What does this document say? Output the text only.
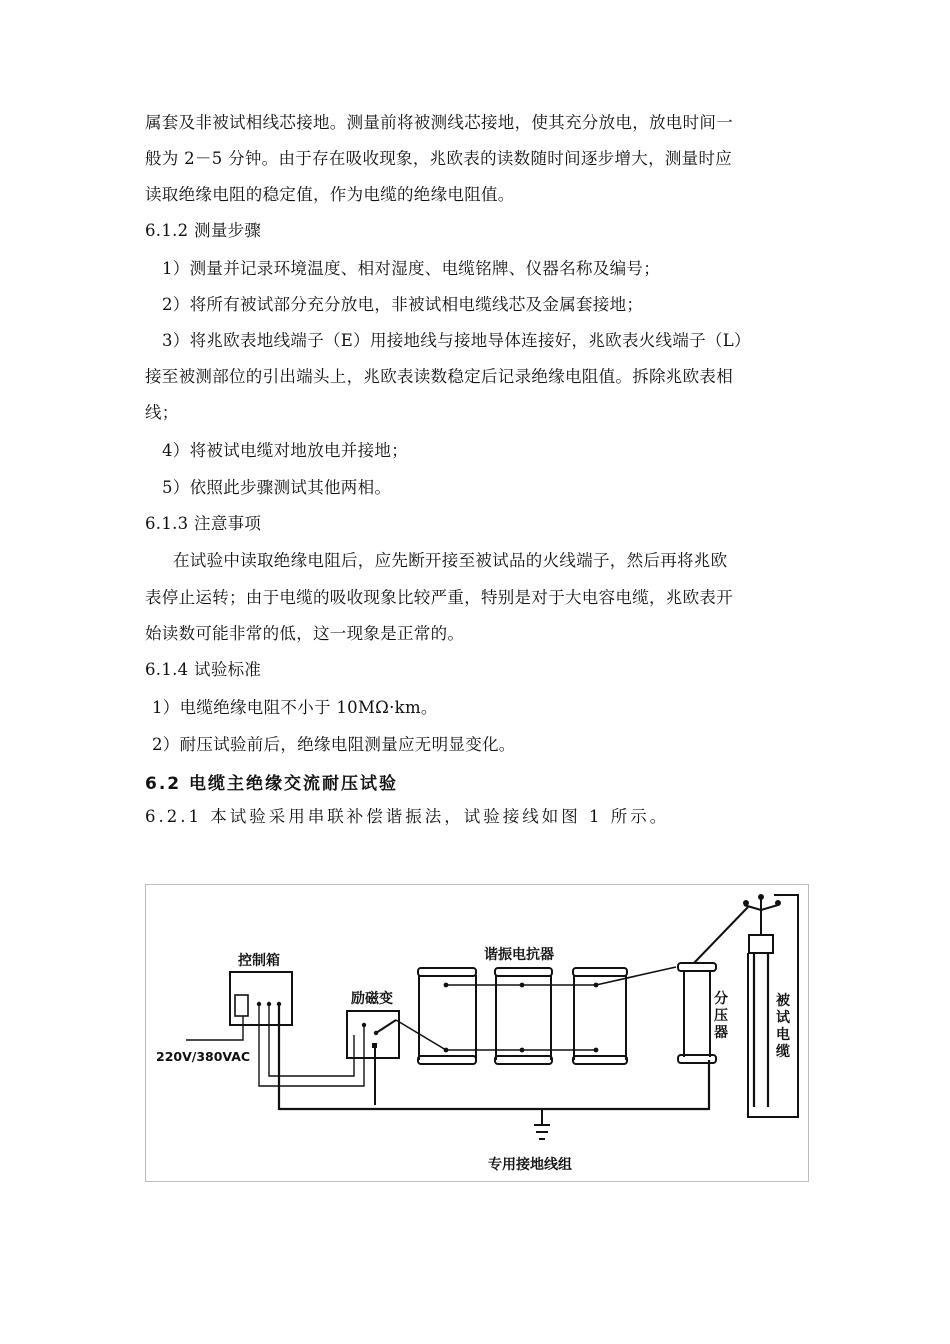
属套及非被试相线芯接地。测量前将被测线芯接地，使其充分放电，放电时间一
般为 2－5 分钟。由于存在吸收现象，兆欧表的读数随时间逐步增大，测量时应
读取绝缘电阻的稳定值，作为电缆的绝缘电阻值。
6.1.2 测量步骤
1）测量并记录环境温度、相对湿度、电缆铭牌、仪器名称及编号；
2）将所有被试部分充分放电，非被试相电缆线芯及金属套接地；
3）将兆欧表地线端子（E）用接地线与接地导体连接好，兆欧表火线端子（L）
接至被测部位的引出端头上，兆欧表读数稳定后记录绝缘电阻值。拆除兆欧表相
线；
4）将被试电缆对地放电并接地；
5）依照此步骤测试其他两相。
6.1.3 注意事项
在试验中读取绝缘电阻后，应先断开接至被试品的火线端子，然后再将兆欧
表停止运转；由于电缆的吸收现象比较严重，特别是对于大电容电缆，兆欧表开
始读数可能非常的低，这一现象是正常的。
6.1.4 试验标准
1）电缆绝缘电阻不小于 10MΩ·km。
2）耐压试验前后，绝缘电阻测量应无明显变化。
6.2 电缆主绝缘交流耐压试验
6.2.1 本试验采用串联补偿谐振法，试验接线如图 1 所示。
控制箱
220V/380VAC
励磁变
谐振电抗器
专用接地线组
分 压 器
被 试 电 缆
